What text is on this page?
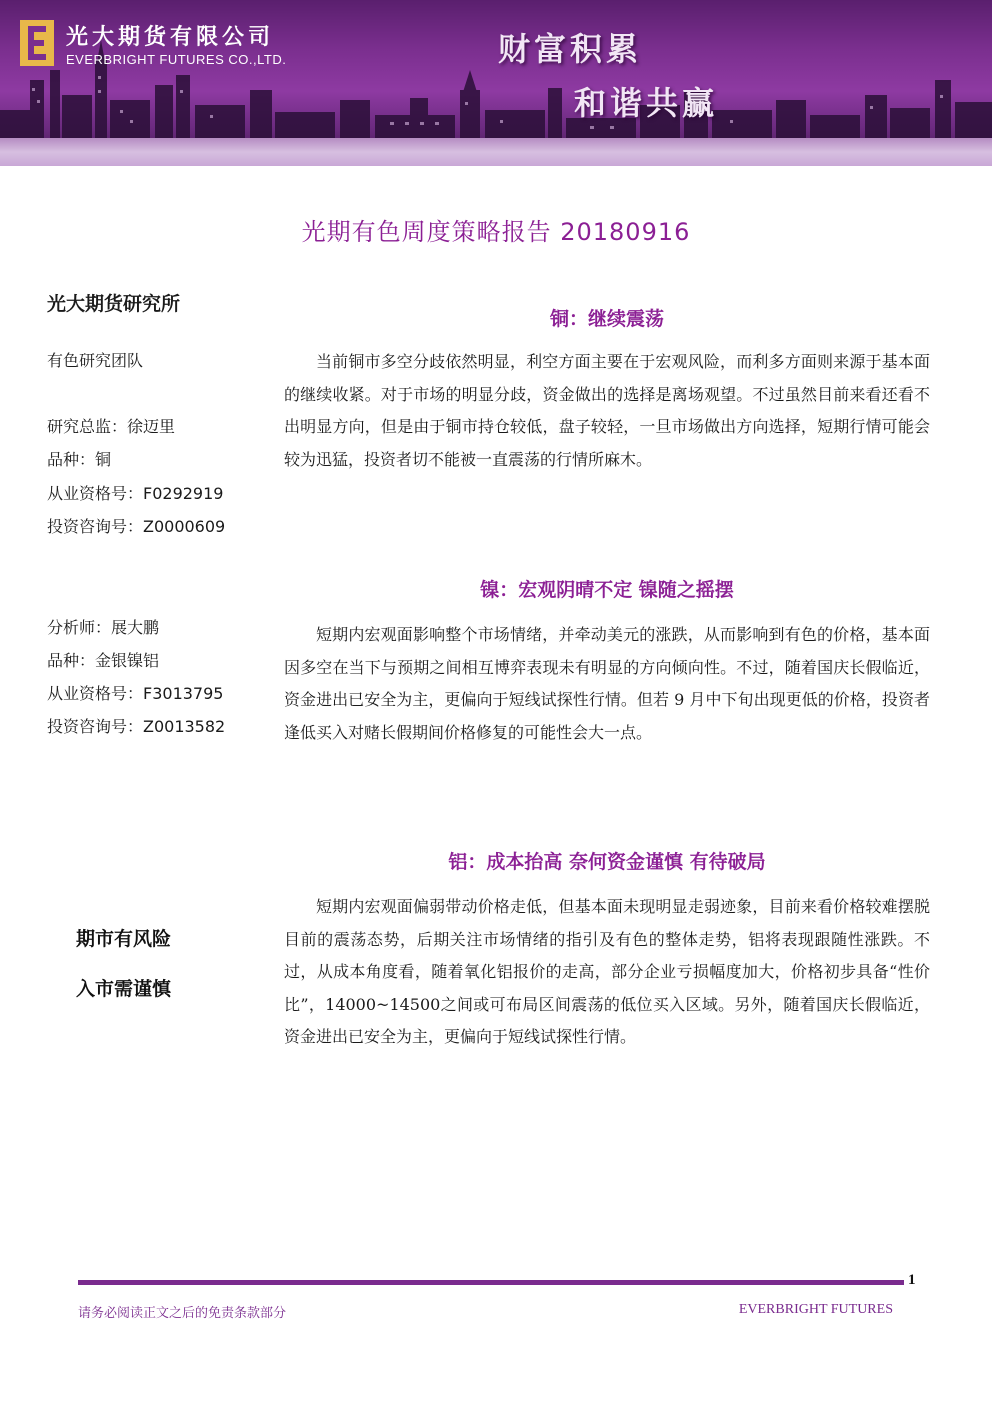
光大期货有限公司
EVERBRIGHT FUTURES CO.,LTD.	财富积累
和谐共赢
光期有色周度策略报告 20180916
光大期货研究所
有色研究团队
研究总监：徐迈里
品种：铜
从业资格号：F0292919
投资咨询号：Z0000609
分析师：展大鹏
品种：金银镍铝
从业资格号：F3013795
投资咨询号：Z0013582
期市有风险
入市需谨慎
铜：继续震荡
当前铜市多空分歧依然明显，利空方面主要在于宏观风险，而利多方面则来源于基本面的继续收紧。对于市场的明显分歧，资金做出的选择是离场观望。不过虽然目前来看还看不出明显方向，但是由于铜市持仓较低，盘子较轻，一旦市场做出方向选择，短期行情可能会较为迅猛，投资者切不能被一直震荡的行情所麻木。
镍：宏观阴晴不定 镍随之摇摆
短期内宏观面影响整个市场情绪，并牵动美元的涨跌，从而影响到有色的价格，基本面因多空在当下与预期之间相互博弈表现未有明显的方向倾向性。不过，随着国庆长假临近，资金进出已安全为主，更偏向于短线试探性行情。但若 9 月中下旬出现更低的价格，投资者逢低买入对赌长假期间价格修复的可能性会大一点。
铝：成本抬高 奈何资金谨慎 有待破局
短期内宏观面偏弱带动价格走低，但基本面未现明显走弱迹象，目前来看价格较难摆脱目前的震荡态势，后期关注市场情绪的指引及有色的整体走势，铝将表现跟随性涨跌。不过，从成本角度看，随着氧化铝报价的走高，部分企业亏损幅度加大，价格初步具备“性价比”，14000~14500之间或可布局区间震荡的低位买入区域。另外，随着国庆长假临近，资金进出已安全为主，更偏向于短线试探性行情。
1
请务必阅读正文之后的免责条款部分	EVERBRIGHT FUTURES
